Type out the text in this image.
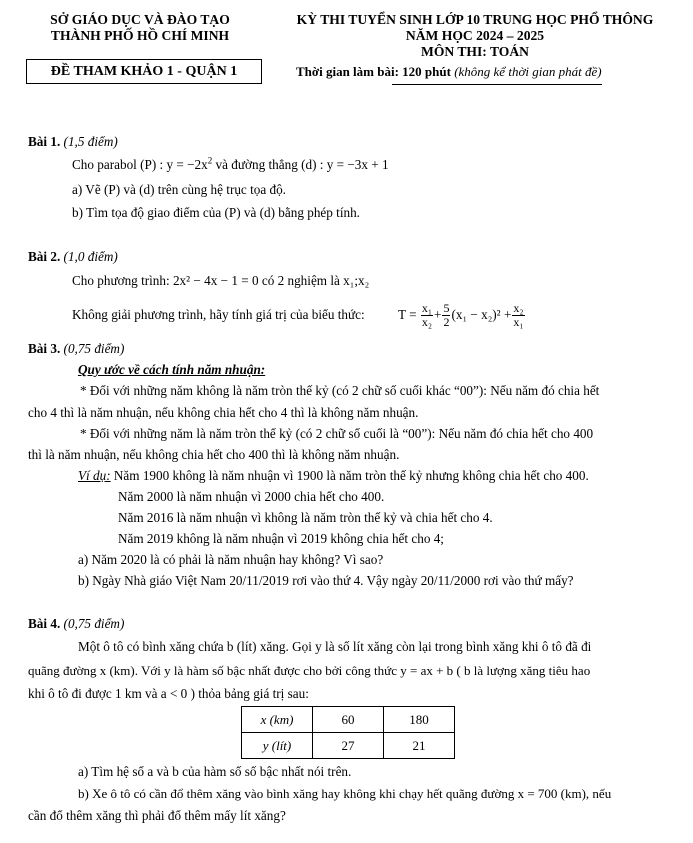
SỞ GIÁO DỤC VÀ ĐÀO TẠO
THÀNH PHỐ HỒ CHÍ MINH
ĐỀ THAM KHẢO 1 - QUẬN 1
KỲ THI TUYỂN SINH LỚP 10 TRUNG HỌC PHỔ THÔNG
NĂM HỌC 2024 – 2025
MÔN THI: TOÁN
Thời gian làm bài: 120 phút (không kể thời gian phát đề)
Bài 1. (1,5 điểm)
Cho parabol (P) : $y = -2x^2$ và đường thẳng (d) : y = −3x + 1
a) Vẽ (P) và (d) trên cùng hệ trục tọa độ.
b) Tìm tọa độ giao điểm của (P) và (d) bằng phép tính.
Bài 2. (1,0 điểm)
Cho phương trình: 2x² − 4x − 1 = 0 có 2 nghiệm là x₁;x₂
Không giải phương trình, hãy tính giá trị của biểu thức:	$T = \frac{\text{x₁}}{\text{x₂}} + \frac{5}{2} (x_1 - x_2)^2 + \frac{\text{x₂}}{\text{x₁}}$
Bài 3. (0,75 điểm)
Quy ước về cách tính năm nhuận:
* Đối với những năm không là năm tròn thế kỷ (có 2 chữ số cuối khác “00”): Nếu năm đó chia hết
cho 4 thì là năm nhuận, nếu không chia hết cho 4 thì là không năm nhuận.
* Đối với những năm là năm tròn thế kỷ (có 2 chữ số cuối là “00”): Nếu năm đó chia hết cho 400
thì là năm nhuận, nếu không chia hết cho 400 thì là không năm nhuận.
Ví dụ: Năm 1900 không là năm nhuận vì 1900 là năm tròn thế kỷ nhưng không chia hết cho 400.
Năm 2000 là năm nhuận vì 2000 chia hết cho 400.
Năm 2016 là năm nhuận vì không là năm tròn thế kỷ và chia hết cho 4.
Năm 2019 không là năm nhuận vì 2019 không chia hết cho 4;
a) Năm 2020 là có phải là năm nhuận hay không? Vì sao?
b) Ngày Nhà giáo Việt Nam 20/11/2019 rơi vào thứ 4. Vậy ngày 20/11/2000 rơi vào thứ mấy?
Bài 4. (0,75 điểm)
Một ô tô có bình xăng chứa b (lít) xăng. Gọi y là số lít xăng còn lại trong bình xăng khi ô tô đã đi
quãng đường x (km). Với y là hàm số bậc nhất được cho bởi công thức y = ax + b ( b là lượng xăng tiêu hao
khi ô tô đi được 1 km và a < 0 ) thỏa bảng giá trị sau:
x (km)	60	180
y (lít)	27	21
a) Tìm hệ số a và b của hàm số số bậc nhất nói trên.
b) Xe ô tô có cần đổ thêm xăng vào bình xăng hay không khi chạy hết quãng đường x = 700 (km), nếu
cần đổ thêm xăng thì phải đổ thêm mấy lít xăng?
